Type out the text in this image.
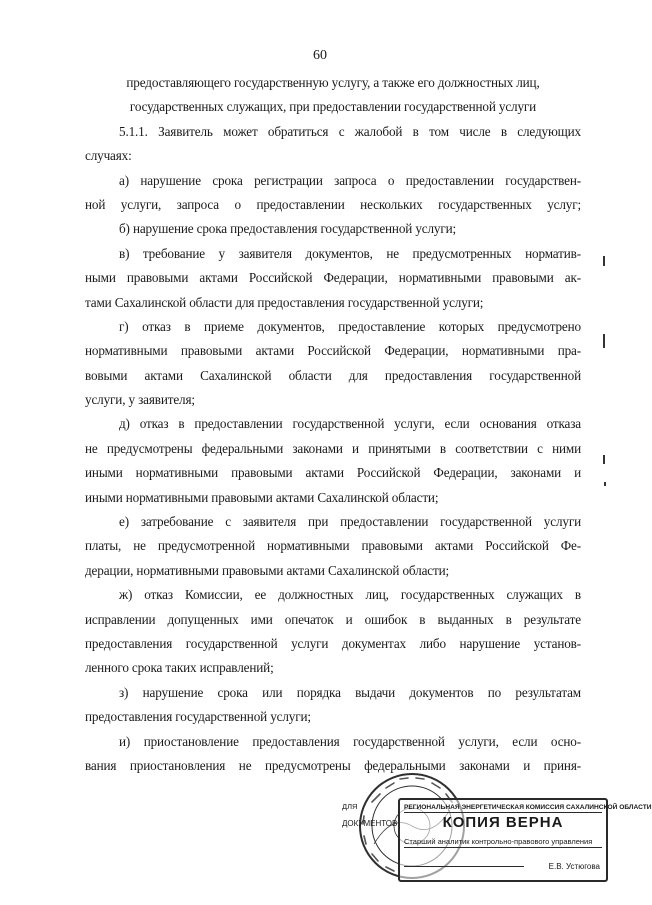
60
предоставляющего государственную услугу, а также его должностных лиц,
государственных служащих, при предоставлении государственной услуги
5.1.1. Заявитель может обратиться с жалобой в том числе в следующих
случаях:
а) нарушение срока регистрации запроса о предоставлении государствен-
ной услуги, запроса о предоставлении нескольких государственных услуг;
б) нарушение срока предоставления государственной услуги;
в) требование у заявителя документов, не предусмотренных норматив-
ными правовыми актами Российской Федерации, нормативными правовыми ак-
тами Сахалинской области для предоставления государственной услуги;
г) отказ в приеме документов, предоставление которых предусмотрено
нормативными правовыми актами Российской Федерации, нормативными пра-
вовыми актами Сахалинской области для предоставления государственной
услуги, у заявителя;
д) отказ в предоставлении государственной услуги, если основания отказа
не предусмотрены федеральными законами и принятыми в соответствии с ними
иными нормативными правовыми актами Российской Федерации, законами и
иными нормативными правовыми актами Сахалинской области;
е) затребование с заявителя при предоставлении государственной услуги
платы, не предусмотренной нормативными правовыми актами Российской Фе-
дерации, нормативными правовыми актами Сахалинской области;
ж) отказ Комиссии, ее должностных лиц, государственных служащих в
исправлении допущенных ими опечаток и ошибок в выданных в результате
предоставления государственной услуги документах либо нарушение установ-
ленного срока таких исправлений;
з) нарушение срока или порядка выдачи документов по результатам
предоставления государственной услуги;
и) приостановление предоставления государственной услуги, если осно-
вания приостановления не предусмотрены федеральными законами и приня-
ДЛЯ
ДОКУМЕНТОВ
РЕГИОНАЛЬНАЯ ЭНЕРГЕТИЧЕСКАЯ КОМИССИЯ САХАЛИНСКОЙ ОБЛАСТИ
КОПИЯ ВЕРНА
Старший аналитик контрольно-правового управления
Е.В. Устюгова
